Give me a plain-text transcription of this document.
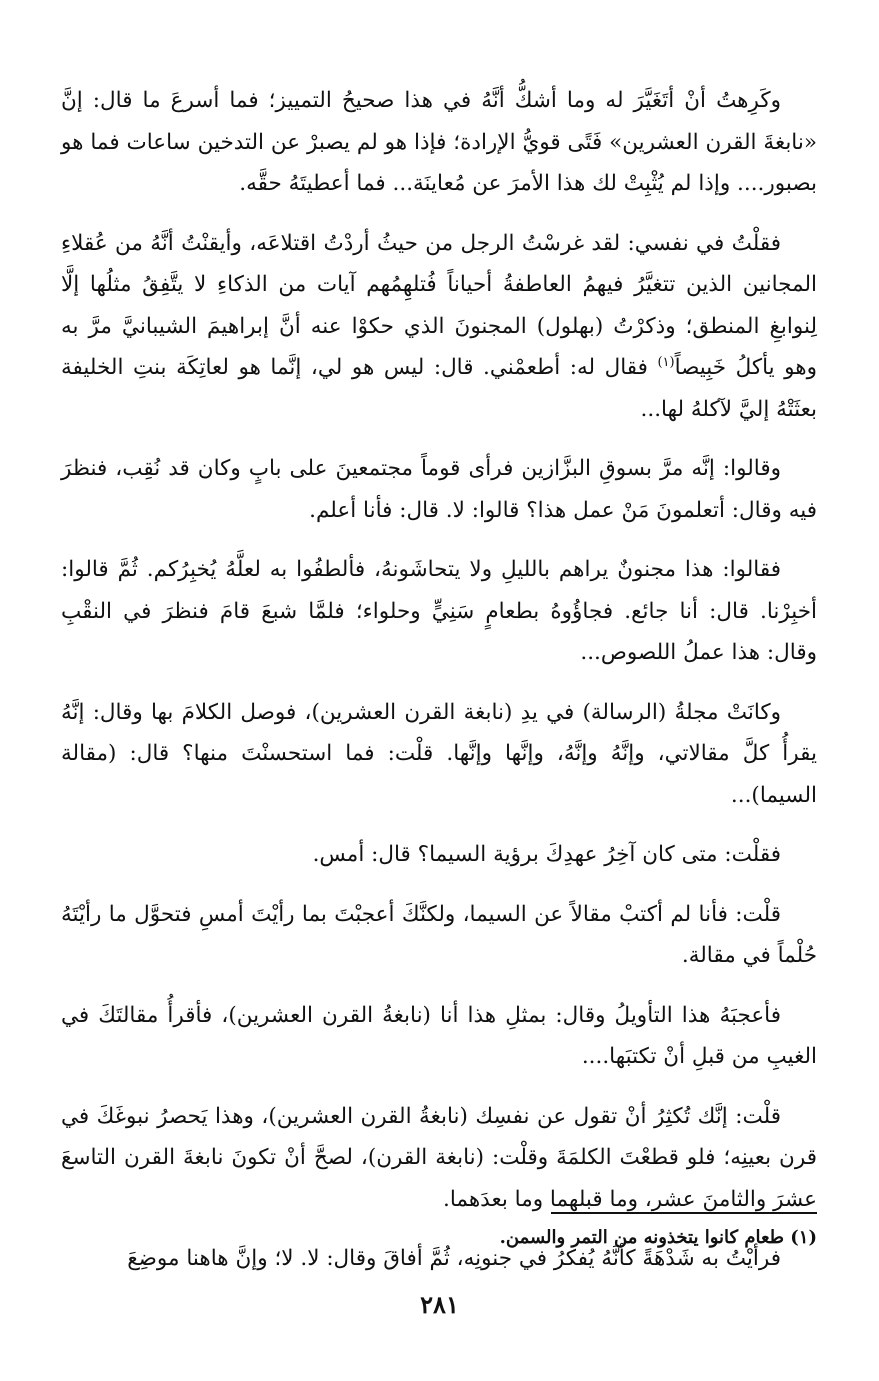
وكَرِهتُ أنْ أتَغَيَّرَ له وما أشكُّ أنَّهُ في هذا صحيحُ التمييز؛ فما أسرعَ ما قال: إنَّ «نابغةَ القرن العشرين» فَتًى قويُّ الإرادة؛ فإذا هو لم يصبرْ عن التدخين ساعات فما هو بصبور.... وإذا لم يُثْبِتْ لك هذا الأمرَ عن مُعاينَة... فما أعطيتَهُ حقَّه.

فقلْتُ في نفسي: لقد غرسْتُ الرجل من حيثُ أردْتُ اقتلاعَه، وأيقنْتُ أنَّهُ من عُقلاءِ المجانين الذين تتغيَّرُ فيهمُ العاطفةُ أحياناً فُتلهِمُهم آيات من الذكاءِ لا يتَّفِقُ مثلُها إلَّا لِنوابغِ المنطق؛ وذكرْتُ (بهلول) المجنونَ الذي حكوْا عنه أنَّ إبراهيمَ الشيبانيَّ مرَّ به وهو يأكلُ خَبِيصاً$^{(١)}$ فقال له: أطعمْني. قال: ليس هو لي، إنَّما هو لعاتِكَة بنتِ الخليفة بعثَتْهُ إليَّ لآكلهُ لها...

وقالوا: إنَّه مرَّ بسوقِ البزَّازين فرأى قوماً مجتمعينَ على بابٍ وكان قد نُقِب، فنظرَ فيه وقال: أتعلمونَ مَنْ عمل هذا؟ قالوا: لا. قال: فأنا أعلم.

فقالوا: هذا مجنونٌ يراهم بالليلِ ولا يتحاشَونهُ، فألطفُوا به لعلَّهُ يُخبِرُكم. ثُمَّ قالوا: أخبِرْنا. قال: أنا جائع. فجاؤُوهُ بطعامٍ سَنِيٍّ وحلواء؛ فلمَّا شبعَ قامَ فنظرَ في النقْبِ وقال: هذا عملُ اللصوص...

وكانَتْ مجلةُ (الرسالة) في يدِ (نابغة القرن العشرين)، فوصل الكلامَ بها وقال: إنَّهُ يقرأُ كلَّ مقالاتي، وإنَّهُ وإنَّهُ، وإنَّها وإنَّها. قلْت: فما استحسنْتَ منها؟ قال: (مقالة السيما)...

فقلْت: متى كان آخِرُ عهدِكَ برؤية السيما؟ قال: أمس.

قلْت: فأنا لم أكتبْ مقالاً عن السيما، ولكنَّكَ أعجبْتَ بما رأيْتَ أمسِ فتحوَّل ما رأيْتَهُ حُلْماً في مقالة.

فأعجبَهُ هذا التأويلُ وقال: بمثلِ هذا أنا (نابغةُ القرن العشرين)، فأقرأُ مقالتَكَ في الغيبِ من قبلِ أنْ تكتبَها....

قلْت: إنَّك تُكثِرُ أنْ تقول عن نفسِك (نابغةُ القرن العشرين)، وهذا يَحصرُ نبوغَكَ في قرن بعينِه؛ فلو قطعْتَ الكلمَةَ وقلْت: (نابغة القرن)، لصحَّ أنْ تكونَ نابغةَ القرن التاسعَ عشرَ والثامنَ عشر، وما قبلهما وما بعدَهما.

فرأيْتُ به شَدْهَةً كأنَّهُ يُفكرُ في جنونِه، ثُمَّ أفاقَ وقال: لا. لا؛ وإنَّ هاهنا موضِعَ

(١) طعام كانوا يتخذونه من التمر والسمن.
٢٨١
